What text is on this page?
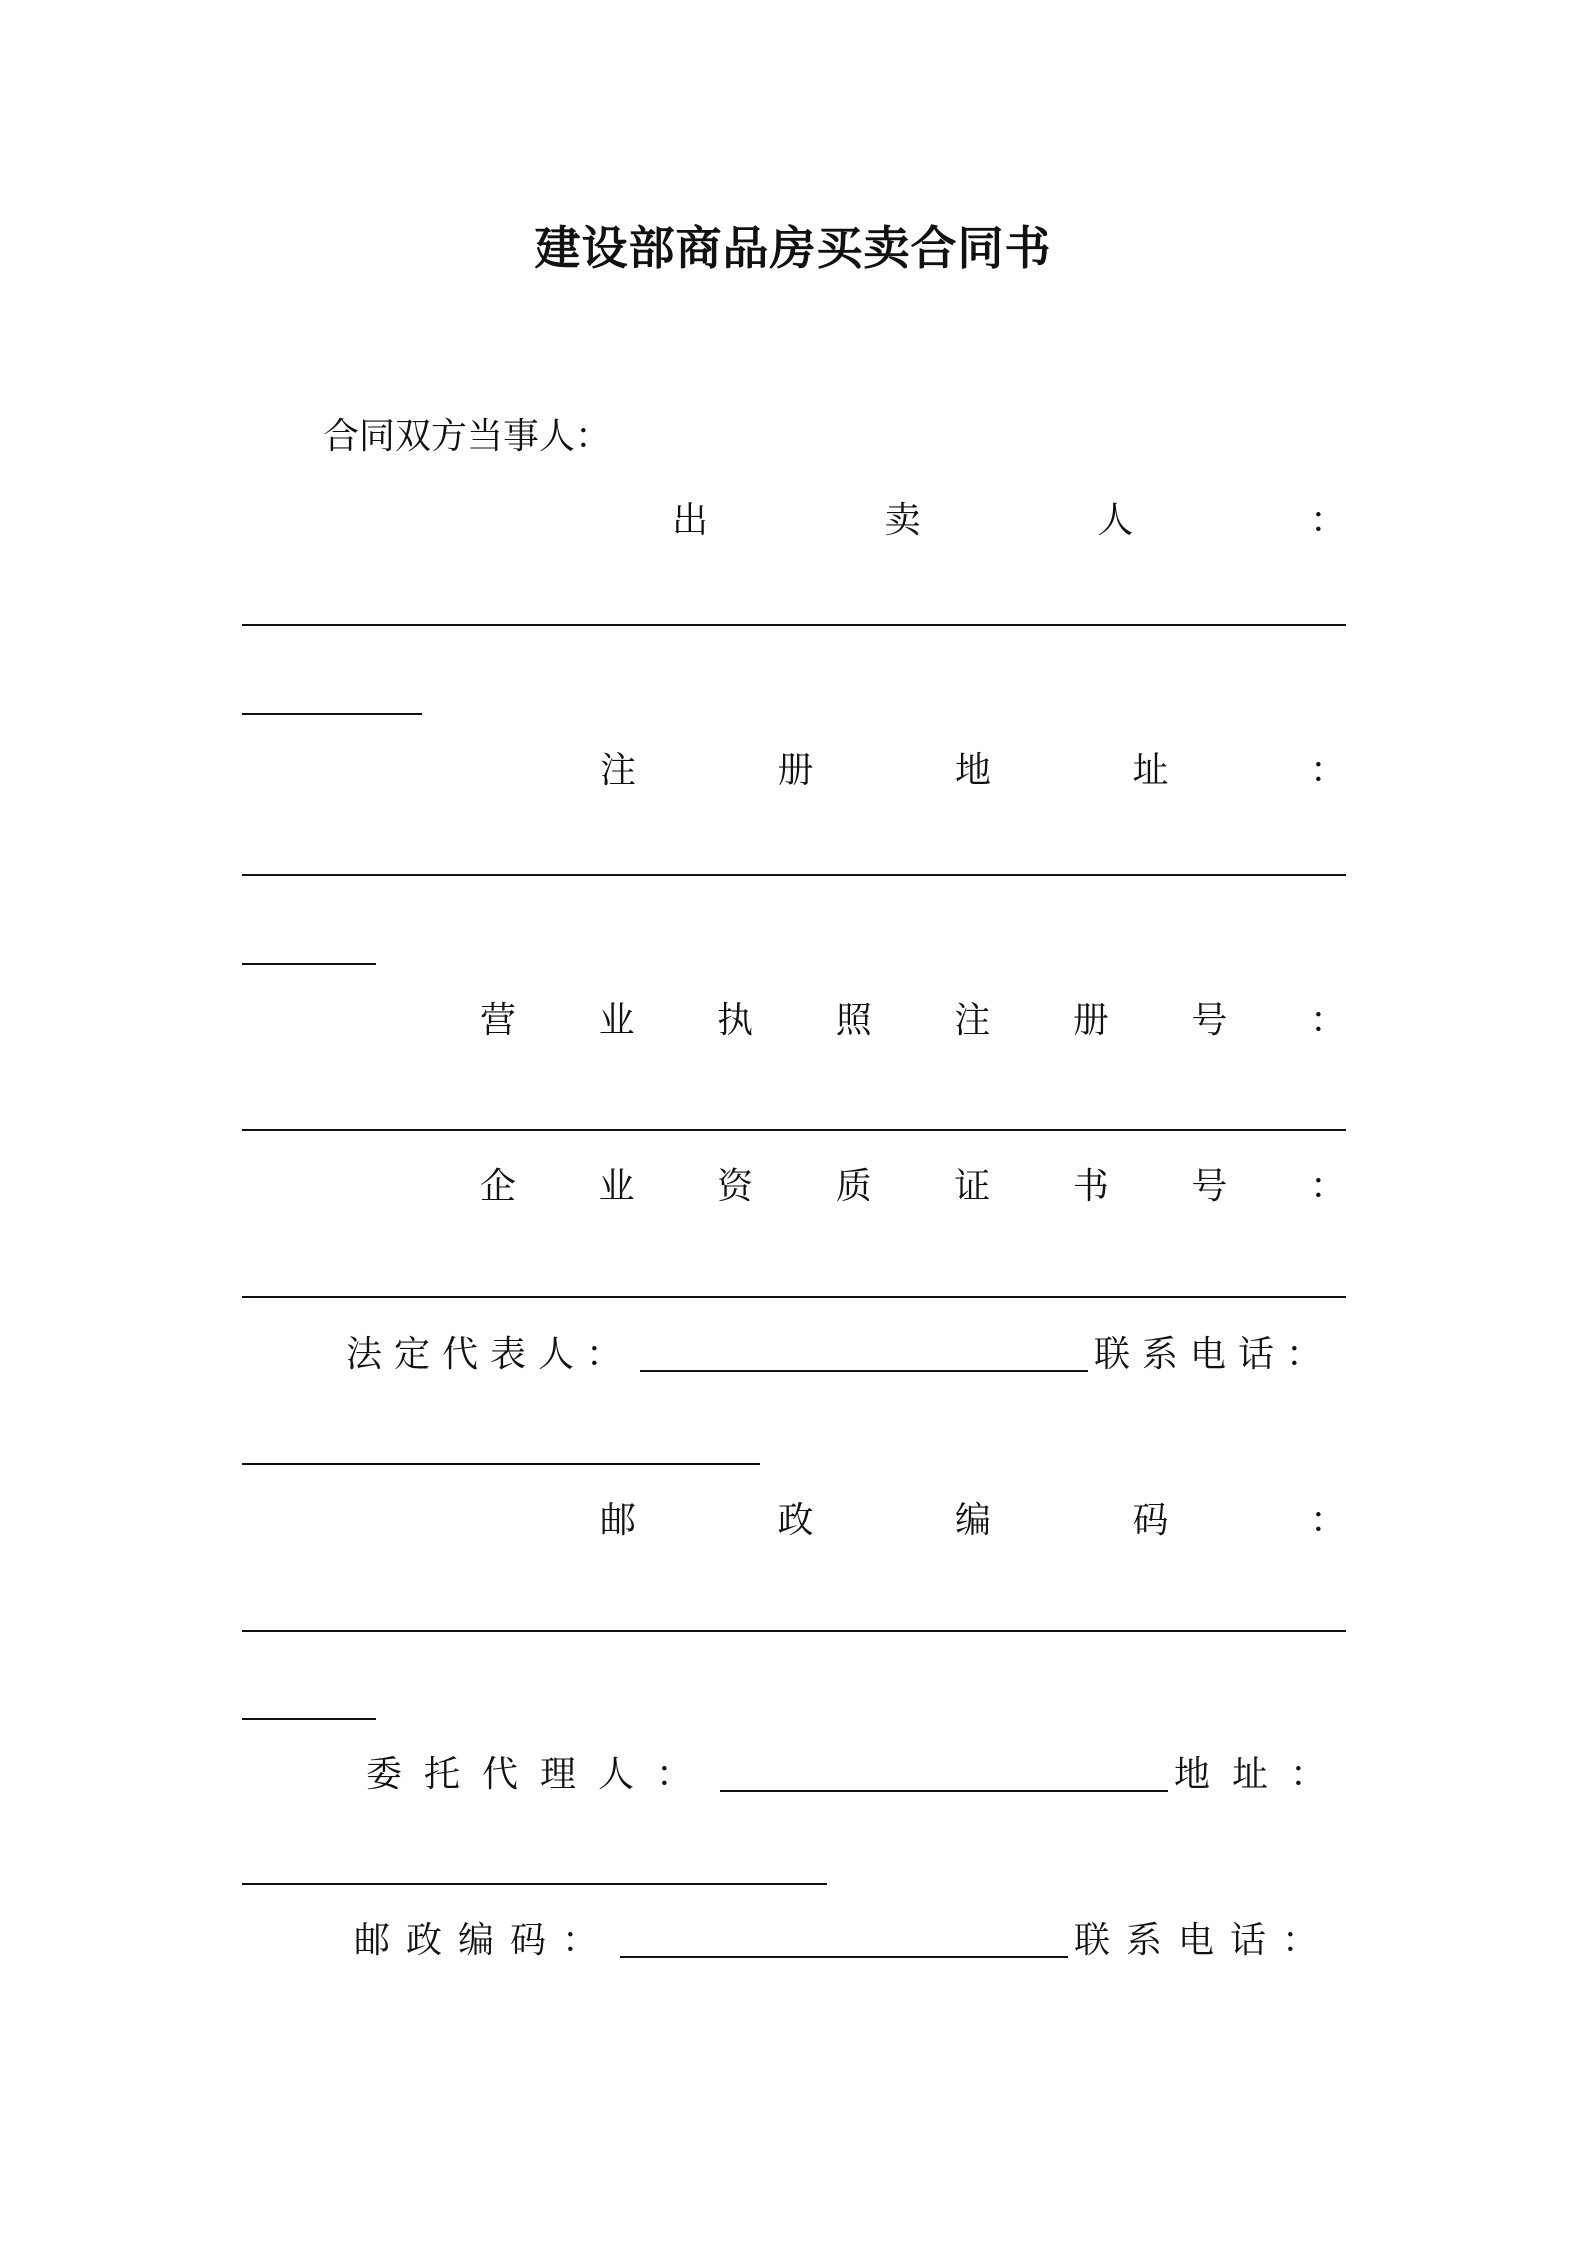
建设部商品房买卖合同书
合同双方当事人：
出	卖	人	：
注	册	地	址	：
营 业 执 照 注 册 号 ：
企 业 资 质 证 书 号 ：
法定代表人：	联系电话：
邮	政	编	码	：
委托代理人：	地址：
邮政编码：	联系电话：
